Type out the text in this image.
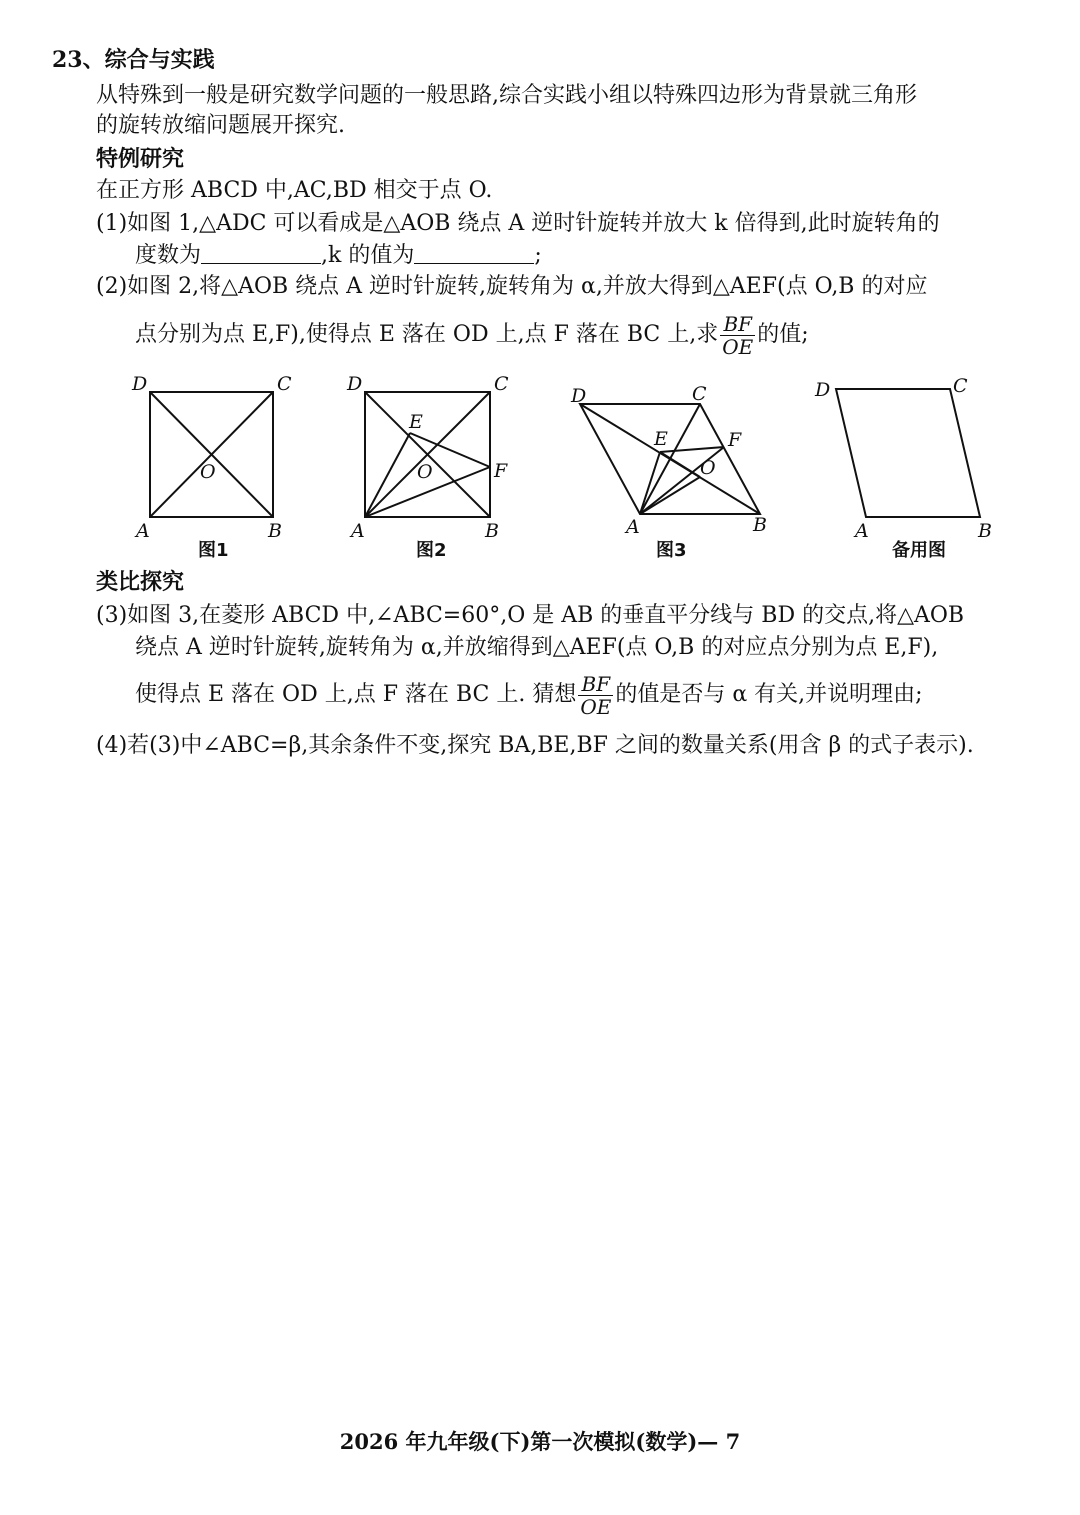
23、综合与实践
从特殊到一般是研究数学问题的一般思路,综合实践小组以特殊四边形为背景就三角形
的旋转放缩问题展开探究.
特例研究
在正方形 ABCD 中,AC,BD 相交于点 O.
(1)如图 1,△ADC 可以看成是△AOB 绕点 A 逆时针旋转并放大 k 倍得到,此时旋转角的
度数为	,k 的值为	;
(2)如图 2,将△AOB 绕点 A 逆时针旋转,旋转角为 α,并放大得到△AEF(点 O,B 的对应
点分别为点 E,F),使得点 E 落在 OD 上,点 F 落在 BC 上,求 $\frac{BF}{OE}$ 的值;
D	C
A	B
O
图1
D	C
A	B
E
F
O
图2
D	C
A	B
E	F
O
图3
D	C
A	B
备用图
类比探究
(3)如图 3,在菱形 ABCD 中,∠ABC=60°,O 是 AB 的垂直平分线与 BD 的交点,将△AOB
绕点 A 逆时针旋转,旋转角为 α,并放缩得到△AEF(点 O,B 的对应点分别为点 E,F),
使得点 E 落在 OD 上,点 F 落在 BC 上. 猜想 $\frac{BF}{OE}$ 的值是否与 α 有关,并说明理由;
(4)若(3)中∠ABC=β,其余条件不变,探究 BA,BE,BF 之间的数量关系(用含 β 的式子表示).
2026 年九年级(下)第一次模拟(数学)— 7
